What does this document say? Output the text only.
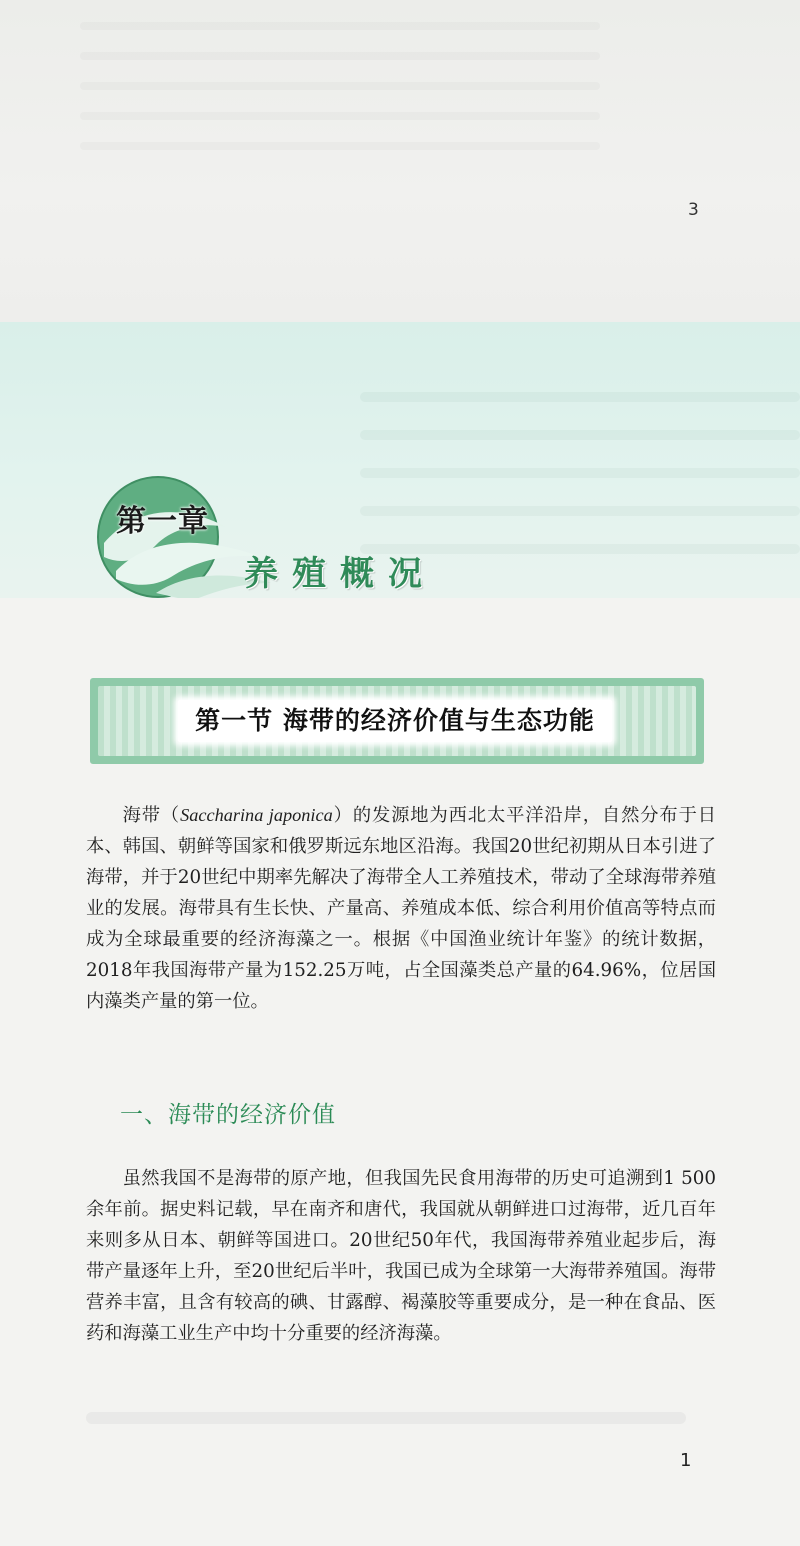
3
第一章
养殖概况
第一节 海带的经济价值与生态功能

海带（Saccharina japonica）的发源地为西北太平洋沿岸，自然分布于日本、韩国、朝鲜等国家和俄罗斯远东地区沿海。我国20世纪初期从日本引进了海带，并于20世纪中期率先解决了海带全人工养殖技术，带动了全球海带养殖业的发展。海带具有生长快、产量高、养殖成本低、综合利用价值高等特点而成为全球最重要的经济海藻之一。根据《中国渔业统计年鉴》的统计数据，2018年我国海带产量为152.25万吨，占全国藻类总产量的64.96%，位居国内藻类产量的第一位。

一、海带的经济价值

虽然我国不是海带的原产地，但我国先民食用海带的历史可追溯到1 500余年前。据史料记载，早在南齐和唐代，我国就从朝鲜进口过海带，近几百年来则多从日本、朝鲜等国进口。20世纪50年代，我国海带养殖业起步后，海带产量逐年上升，至20世纪后半叶，我国已成为全球第一大海带养殖国。海带营养丰富，且含有较高的碘、甘露醇、褐藻胶等重要成分，是一种在食品、医药和海藻工业生产中均十分重要的经济海藻。

1
